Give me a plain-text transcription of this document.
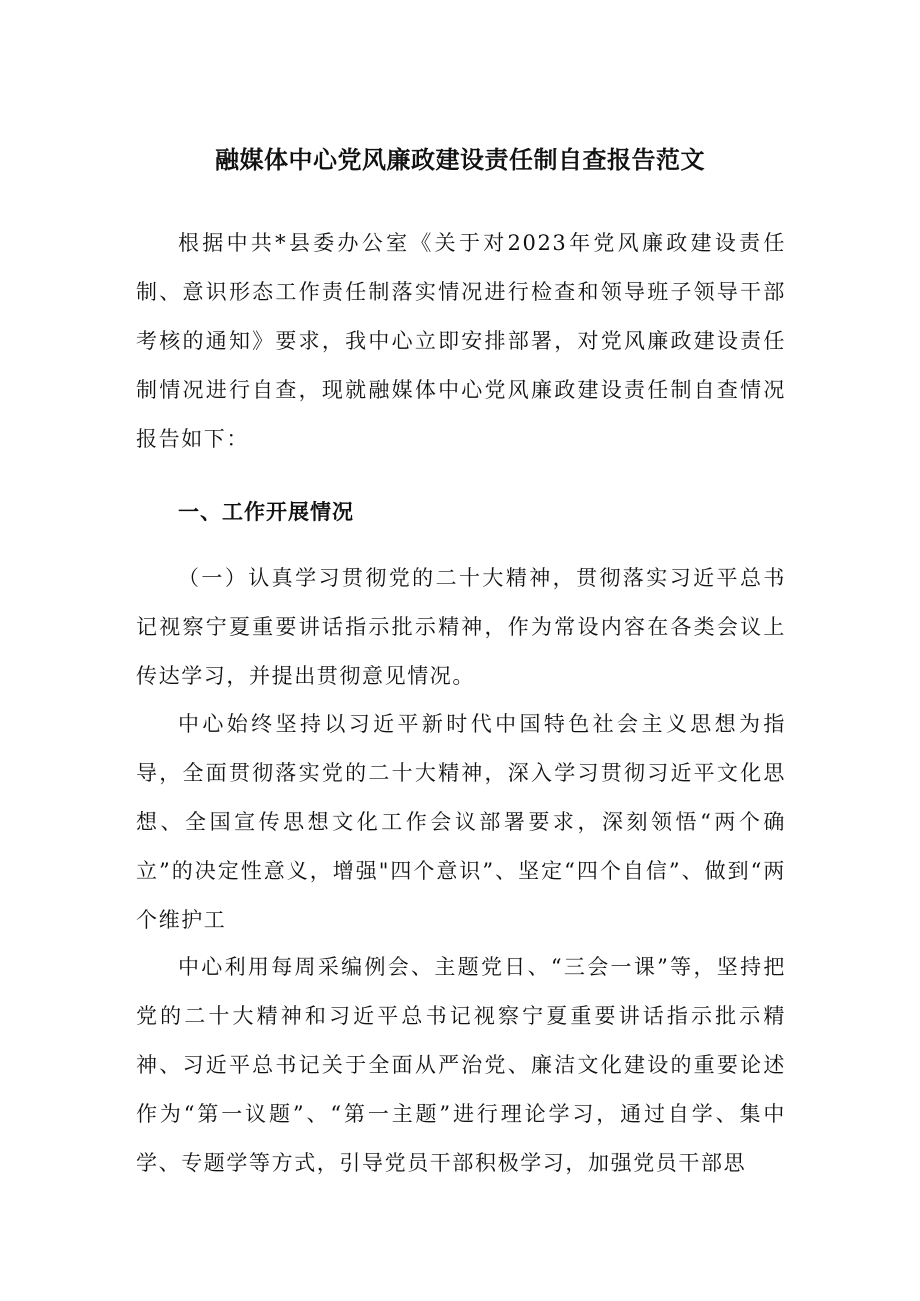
融媒体中心党风廉政建设责任制自查报告范文

根据中共*县委办公室《关于对2023年党风廉政建设责任制、意识形态工作责任制落实情况进行检查和领导班子领导干部考核的通知》要求，我中心立即安排部署，对党风廉政建设责任制情况进行自查，现就融媒体中心党风廉政建设责任制自查情况报告如下：

一、工作开展情况

（一）认真学习贯彻党的二十大精神，贯彻落实习近平总书记视察宁夏重要讲话指示批示精神，作为常设内容在各类会议上传达学习，并提出贯彻意见情况。

中心始终坚持以习近平新时代中国特色社会主义思想为指导，全面贯彻落实党的二十大精神，深入学习贯彻习近平文化思想、全国宣传思想文化工作会议部署要求，深刻领悟“两个确立”的决定性意义，增强"四个意识”、坚定“四个自信”、做到“两个维护工

中心利用每周采编例会、主题党日、“三会一课”等，坚持把党的二十大精神和习近平总书记视察宁夏重要讲话指示批示精神、习近平总书记关于全面从严治党、廉洁文化建设的重要论述作为“第一议题”、“第一主题”进行理论学习，通过自学、集中学、专题学等方式，引导党员干部积极学习，加强党员干部思
